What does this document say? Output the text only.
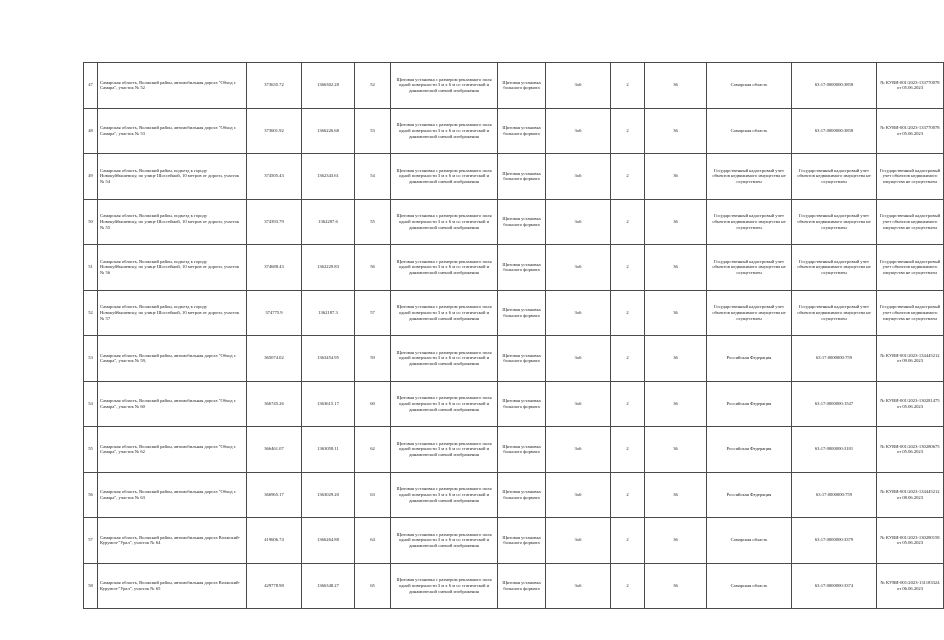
47	Самарская область, Волжский район, автомобильная дорога "Обход г. Самара", участок № 52	373635.72	1366302.28	52	Щитовая установка с размером рекламного поля одной поверхности 3 м х 6 м со статической и динамической сменой изображения	Щитовая установка большого формата	3х6	2	36	Самарская область	63:17:0000000:3858	№ КУВИ-001/2023-133770078 от 05.06.2023
48	Самарская область, Волжский район, автомобильная дорога "Обход г. Самара", участок № 53	373601.92	1366226.68	53	Щитовая установка с размером рекламного поля одной поверхности 3 м х 6 м со статической и динамической сменой изображения	Щитовая установка большого формата	3х6	2	36	Самарская область	63:17:0000000:3858	№ КУВИ-001/2023-133770078 от 05.06.2023
49	Самарская область, Волжский район, подъезд к городу Новокуйбышевску, по улице Шоссейной, 10 метров от дороги, участок № 54	374505.43	1362343.61	54	Щитовая установка с размером рекламного поля одной поверхности 3 м х 6 м со статической и динамической сменой изображения	Щитовая установка большого формата	3х6	2	36	Государственный кадастровый учет объектов недвижимого имущества не осуществлен	Государственный кадастровый учет объектов недвижимого имущества не осуществлен	Государственный кадастровый учет объектов недвижимого имущества не осуществлен
50	Самарская область, Волжский район, подъезд к городу Новокуйбышевску, по улице Шоссейной, 10 метров от дороги, участок № 55	374393.79	1362287.6	55	Щитовая установка с размером рекламного поля одной поверхности 3 м х 6 м со статической и динамической сменой изображения	Щитовая установка большого формата	3х6	2	36	Государственный кадастровый учет объектов недвижимого имущества не осуществлен	Государственный кадастровый учет объектов недвижимого имущества не осуществлен	Государственный кадастровый учет объектов недвижимого имущества не осуществлен
51	Самарская область, Волжский район, подъезд к городу Новокуйбышевску, по улице Шоссейной, 10 метров от дороги, участок № 56	374688.43	1362229.83	56	Щитовая установка с размером рекламного поля одной поверхности 3 м х 6 м со статической и динамической сменой изображения	Щитовая установка большого формата	3х6	2	36	Государственный кадастровый учет объектов недвижимого имущества не осуществлен	Государственный кадастровый учет объектов недвижимого имущества не осуществлен	Государственный кадастровый учет объектов недвижимого имущества не осуществлен
52	Самарская область, Волжский район, подъезд к городу Новокуйбышевску, по улице Шоссейной, 10 метров от дороги, участок № 57	374775.9	1362187.3	57	Щитовая установка с размером рекламного поля одной поверхности 3 м х 6 м со статической и динамической сменой изображения	Щитовая установка большого формата	3х6	2	36	Государственный кадастровый учет объектов недвижимого имущества не осуществлен	Государственный кадастровый учет объектов недвижимого имущества не осуществлен	Государственный кадастровый учет объектов недвижимого имущества не осуществлен
53	Самарская область, Волжский район, автомобильная дорога "Обход г. Самара", участок № 59,	365074.02	1363454.95	59	Щитовая установка с размером рекламного поля одной поверхности 3 м х 6 м со статической и динамической сменой изображения	Щитовая установка большого формата	3х6	2	36	Российская Федерация	63:17:0000000:759	№ КУВИ-001/2023-134445212 от 09.06.2023
54	Самарская область, Волжский район, автомобильная дорога "Обход г. Самара", участок № 60	366745.26	1363615.17	60	Щитовая установка с размером рекламного поля одной поверхности 3 м х 6 м со статической и динамической сменой изображения	Щитовая установка большого формата	3х6	2	36	Российская Федерация	63:17:0000000:1547	№ КУВИ-001/2023-130281475 от 05.06.2023
55	Самарская область, Волжский район, автомобильная дорога "Обход г. Самара", участок № 62	366461.07	1363058.11	62	Щитовая установка с размером рекламного поля одной поверхности 3 м х 6 м со статической и динамической сменой изображения	Щитовая установка большого формата	3х6	2	36	Российская Федерация	63:17:0000000:3181	№ КУВИ-001/2023-130280675 от 05.06.2023
56	Самарская область, Волжский район, автомобильная дорога "Обход г. Самара", участок № 63	366965.17	1363029.20	63	Щитовая установка с размером рекламного поля одной поверхности 3 м х 6 м со статической и динамической сменой изображения	Щитовая установка большого формата	3х6	2	36	Российская Федерация	63:17:0000000:759	№ КУВИ-001/2023-134445212 от 08.06.2023
57	Самарская область, Волжский район, автомобильная дорога Волжский-Курумоч-"Урал", участок № 64	419606.74	1366264.88	64	Щитовая установка с размером рекламного поля одной поверхности 3 м х 6 м со статической и динамической сменой изображения	Щитовая установка большого формата	3х6	2	36	Самарская область	63:17:0000000:3379	№ КУВИ-001/2023-130280158 от 05.06.2023
58	Самарская область, Волжский район, автомобильная дорога Волжский-Курумоч-"Урал", участок № 65	429778.98	1366348.27	65	Щитовая установка с размером рекламного поля одной поверхности 3 м х 6 м со статической и динамической сменой изображения	Щитовая установка большого формата	3х6	2	36	Самарская область	63:17:0000000:3374	№ КУВИ-001/2023-131183324 от 06.06.2023
